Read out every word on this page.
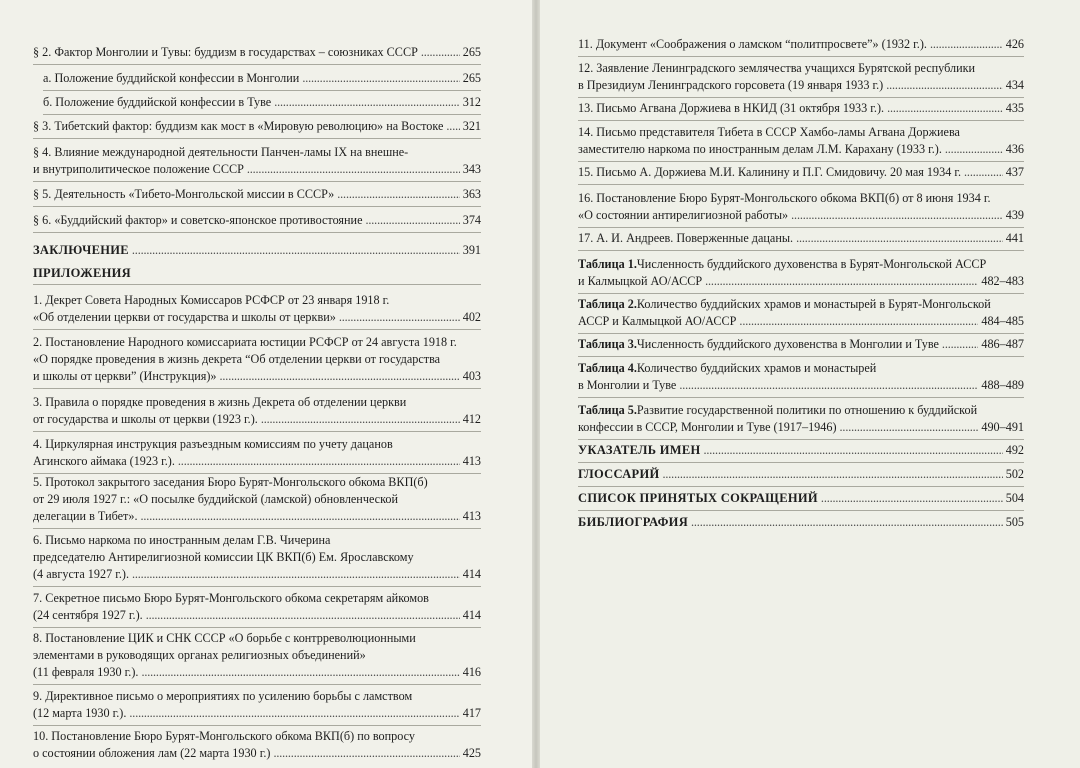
§ 2. Фактор Монголии и Тувы: буддизм в государствах – союзниках СССР . . .	265
а. Положение буддийской конфессии в Монголии . . .	265
б. Положение буддийской конфессии в Туве . . .	312
§ 3. Тибетский фактор: буддизм как мост в «Мировую революцию» на Востоке . . . 321
§ 4. Влияние международной деятельности Панчен-ламы IX на внешне-
и внутриполитическое положение СССР . . .	343
§ 5. Деятельность «Тибето-Монгольской миссии в СССР» . . .	363
§ 6. «Буддийский фактор» и советско-японское противостояние . . .	374
ЗАКЛЮЧЕНИЕ . . .	391
ПРИЛОЖЕНИЯ
1. Декрет Совета Народных Комиссаров РСФСР от 23 января 1918 г.
«Об отделении церкви от государства и школы от церкви» . . .	402
2. Постановление Народного комиссариата юстиции РСФСР от 24 августа 1918 г.
«О порядке проведения в жизнь декрета “Об отделении церкви от государства
и школы от церкви” (Инструкция)» . . .	403
3. Правила о порядке проведения в жизнь Декрета об отделении церкви
от государства и школы от церкви (1923 г.). . . .	412
4. Циркулярная инструкция разъездным комиссиям по учету дацанов
Агинского аймака (1923 г.). . . .	413
5. Протокол закрытого заседания Бюро Бурят-Монгольского обкома ВКП(б)
от 29 июля 1927 г.: «О посылке буддийской (ламской) обновленческой
делегации в Тибет». . . .	413
6. Письмо наркома по иностранным делам Г.В. Чичерина
председателю Антирелигиозной комиссии ЦК ВКП(б) Ем. Ярославскому
(4 августа 1927 г.). . . .	414
7. Секретное письмо Бюро Бурят-Монгольского обкома секретарям айкомов
(24 сентября 1927 г.). . . .	414
8. Постановление ЦИК и СНК СССР «О борьбе с контрреволюционными
элементами в руководящих органах религиозных объединений»
(11 февраля 1930 г.). . . .	416
9. Директивное письмо о мероприятиях по усилению борьбы с ламством
(12 марта 1930 г.). . . .	417
10. Постановление Бюро Бурят-Монгольского обкома ВКП(б) по вопросу
о состоянии обложения лам (22 марта 1930 г.) . . .	425
11. Документ «Соображения о ламском “политпросвете”» (1932 г.). . . .	426
12. Заявление Ленинградского землячества учащихся Бурятской республики
в Президиум Ленинградского горсовета (19 января 1933 г.) . . .	434
13. Письмо Агвана Доржиева в НКИД (31 октября 1933 г.). . . .	435
14. Письмо представителя Тибета в СССР Хамбо-ламы Агвана Доржиева
заместителю наркома по иностранным делам Л.М. Карахану (1933 г.). . . .	436
15. Письмо А. Доржиева М.И. Калинину и П.Г. Смидовичу. 20 мая 1934 г. . . .	437
16. Постановление Бюро Бурят-Монгольского обкома ВКП(б) от 8 июня 1934 г.
«О состоянии антирелигиозной работы» . . .	439
17. А. И. Андреев. Поверженные дацаны. . . .	441
Таблица 1. Численность буддийского духовенства в Бурят-Монгольской АССР
и Калмыцкой АО/АССР . . .	482–483
Таблица 2. Количество буддийских храмов и монастырей в Бурят-Монгольской
АССР и Калмыцкой АО/АССР . . .	484–485
Таблица 3. Численность буддийского духовенства в Монголии и Туве . . .	486–487
Таблица 4. Количество буддийских храмов и монастырей
в Монголии и Туве . . .	488–489
Таблица 5. Развитие государственной политики по отношению к буддийской
конфессии в СССР, Монголии и Туве (1917–1946) . . .	490–491
УКАЗАТЕЛЬ ИМЕН . . .	492
ГЛОССАРИЙ . . .	502
СПИСОК ПРИНЯТЫХ СОКРАЩЕНИЙ . . .	504
БИБЛИОГРАФИЯ . . .	505
